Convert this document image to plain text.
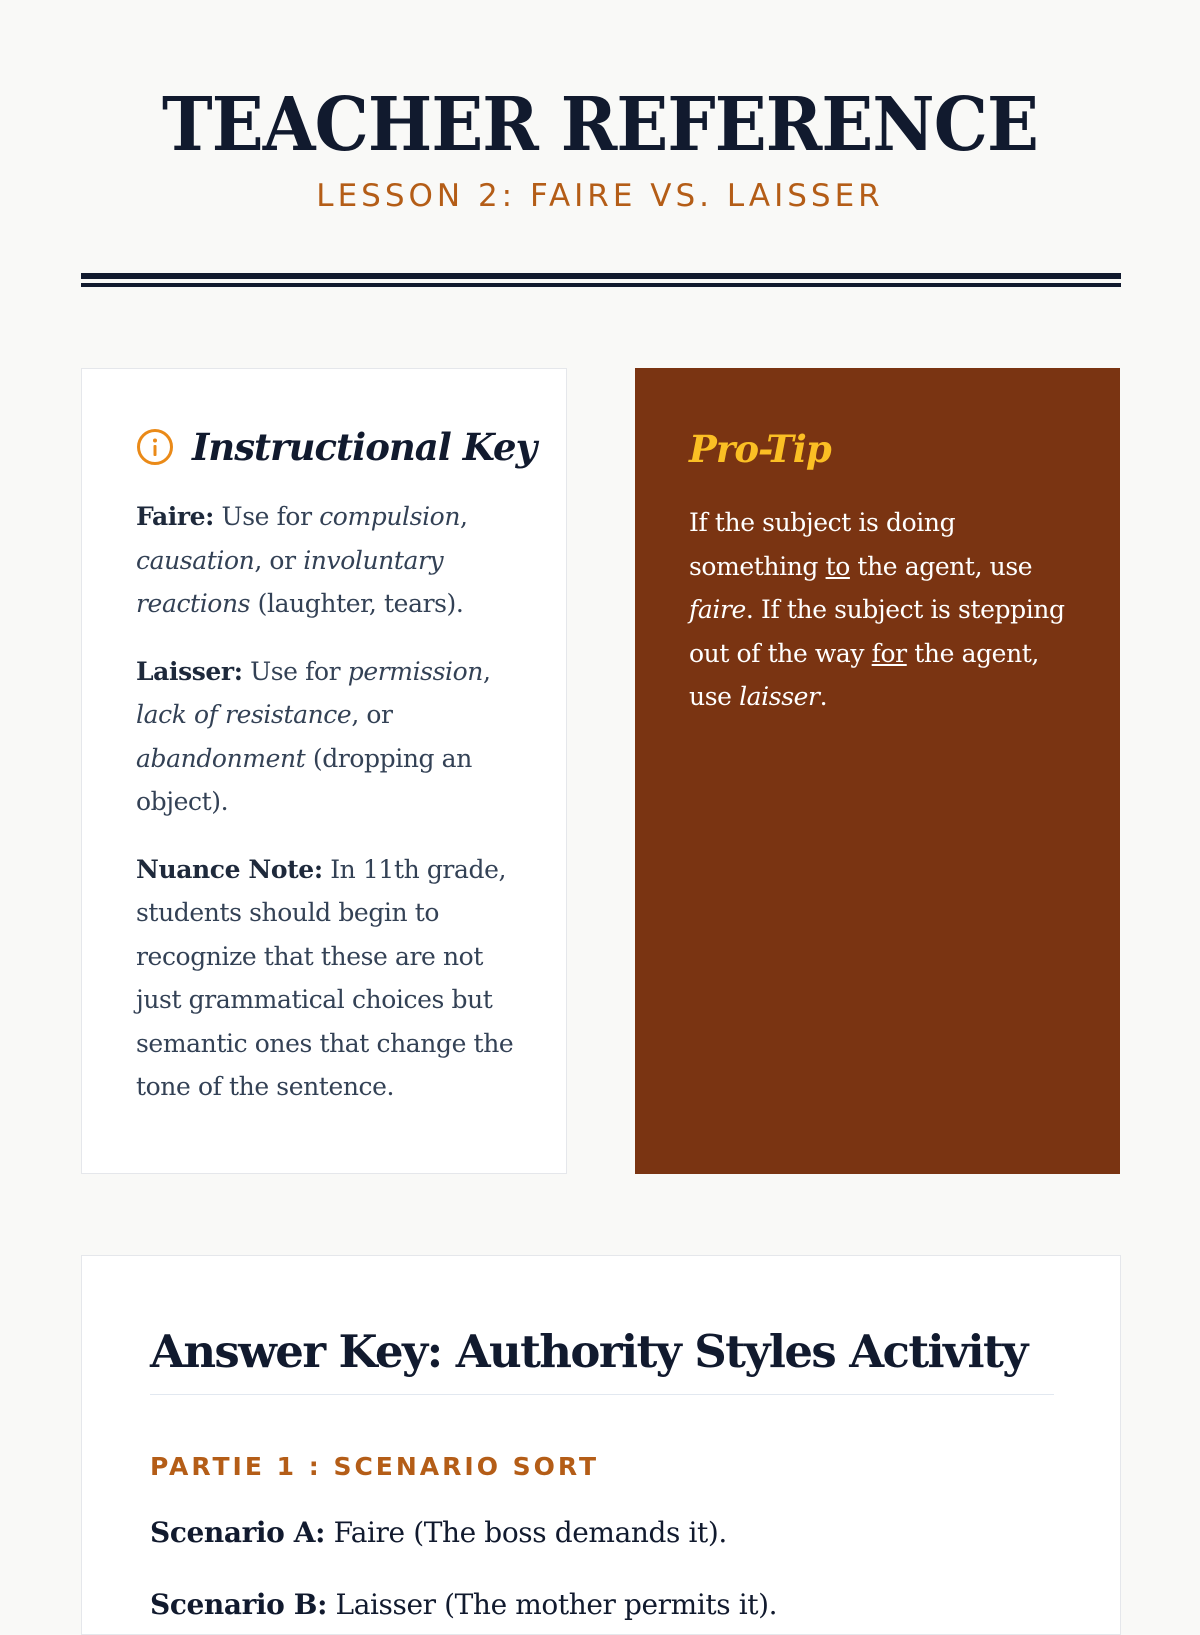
TEACHER REFERENCE
LESSON 2: FAIRE VS. LAISSER
Instructional Key

Faire: Use for compulsion, causation, or involuntary reactions (laughter, tears).

Laisser: Use for permission, lack of resistance, or abandonment (dropping an object).

Nuance Note: In 11th grade, students should begin to recognize that these are not just grammatical choices but semantic ones that change the tone of the sentence.

Pro-Tip

If the subject is doing something to the agent, use faire. If the subject is stepping out of the way for the agent, use laisser.

Answer Key: Authority Styles Activity
PARTIE 1 : SCENARIO SORT

Scenario A: Faire (The boss demands it).

Scenario B: Laisser (The mother permits it).
